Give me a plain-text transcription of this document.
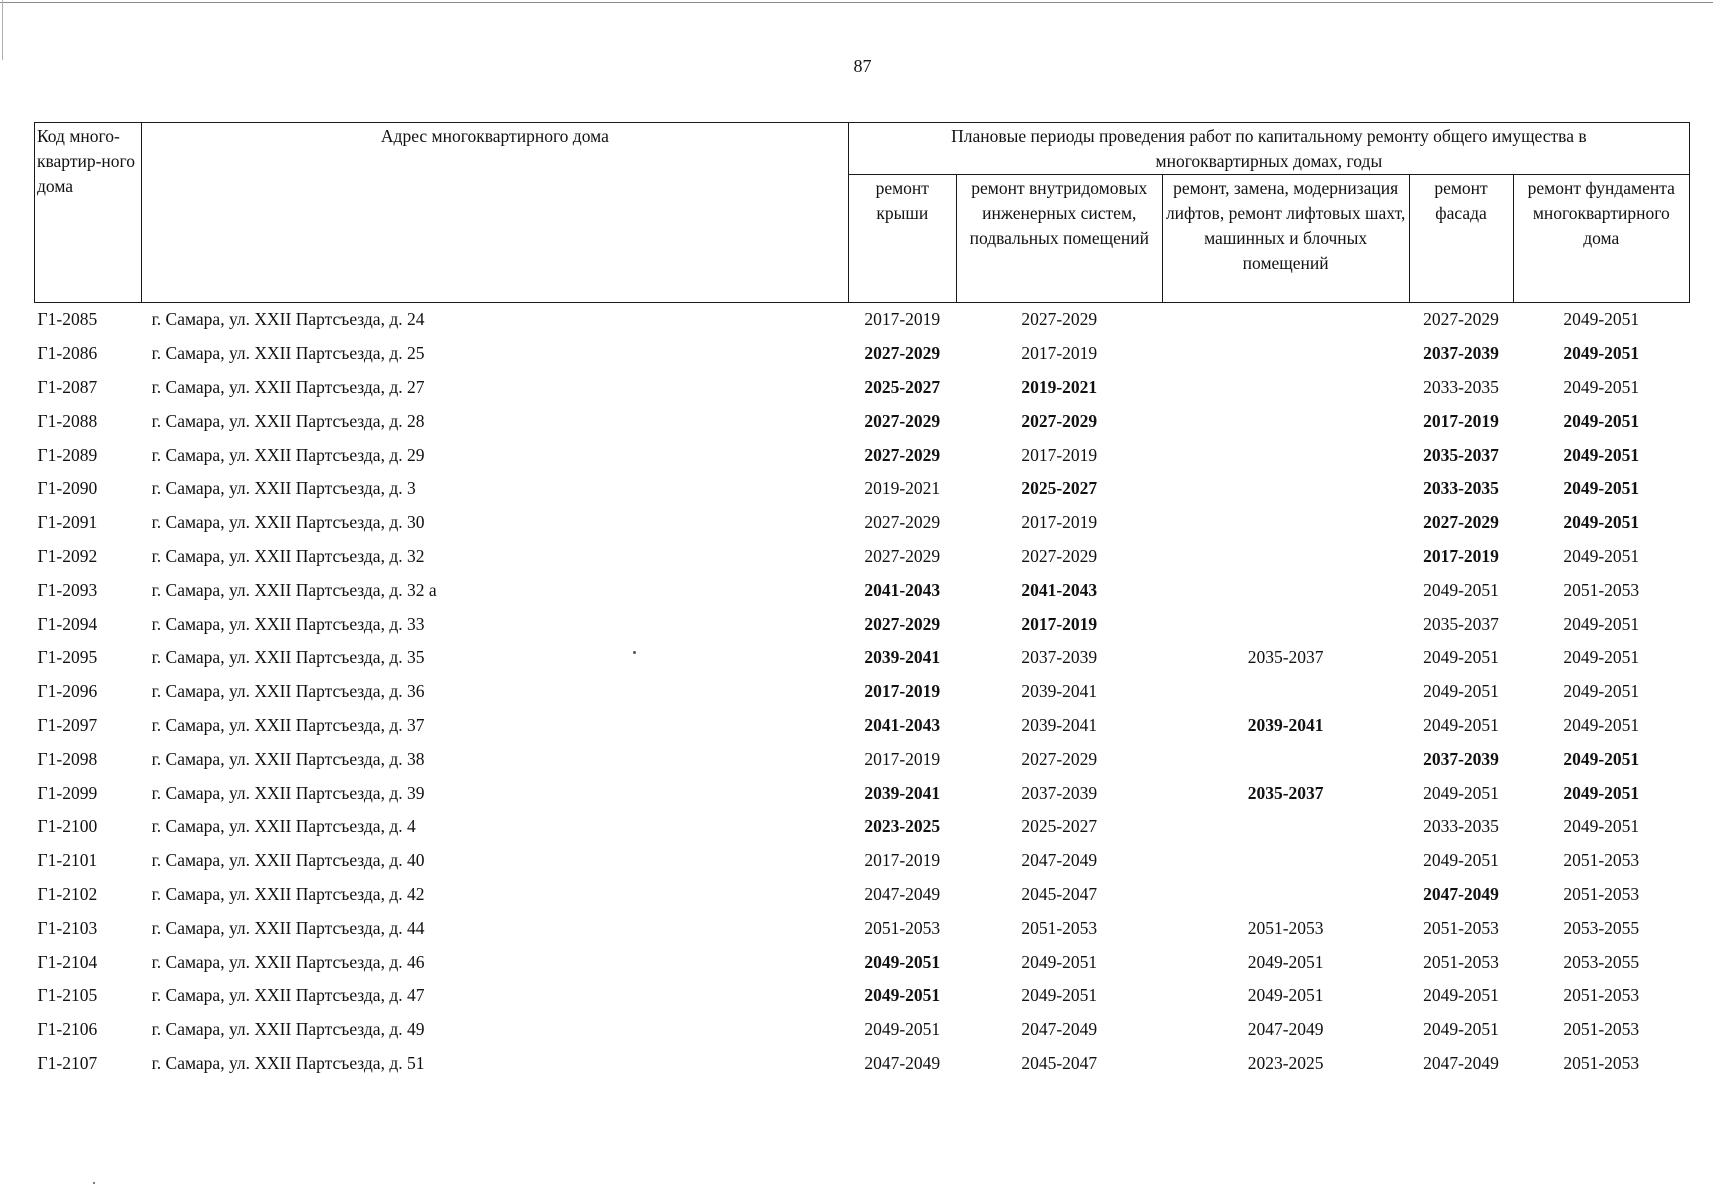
87
Код много-квартир-ного дома	Адрес многоквартирного дома	Плановые периоды проведения работ по капитальному ремонту общего имущества в многоквартирных домах, годы				
		ремонт крыши	ремонт внутридомовых инженерных систем, подвальных помещений	ремонт, замена, модернизация лифтов, ремонт лифтовых шахт, машинных и блочных помещений	ремонт фасада	ремонт фундамента многоквартирного дома
Г1-2085	г. Самара, ул. XXII Партсъезда, д. 24	2017-2019	2027-2029		2027-2029	2049-2051
Г1-2086	г. Самара, ул. XXII Партсъезда, д. 25	2027-2029	2017-2019		2037-2039	2049-2051
Г1-2087	г. Самара, ул. XXII Партсъезда, д. 27	2025-2027	2019-2021		2033-2035	2049-2051
Г1-2088	г. Самара, ул. XXII Партсъезда, д. 28	2027-2029	2027-2029		2017-2019	2049-2051
Г1-2089	г. Самара, ул. XXII Партсъезда, д. 29	2027-2029	2017-2019		2035-2037	2049-2051
Г1-2090	г. Самара, ул. XXII Партсъезда, д. 3	2019-2021	2025-2027		2033-2035	2049-2051
Г1-2091	г. Самара, ул. XXII Партсъезда, д. 30	2027-2029	2017-2019		2027-2029	2049-2051
Г1-2092	г. Самара, ул. XXII Партсъезда, д. 32	2027-2029	2027-2029		2017-2019	2049-2051
Г1-2093	г. Самара, ул. XXII Партсъезда, д. 32 а	2041-2043	2041-2043		2049-2051	2051-2053
Г1-2094	г. Самара, ул. XXII Партсъезда, д. 33	2027-2029	2017-2019		2035-2037	2049-2051
Г1-2095	г. Самара, ул. XXII Партсъезда, д. 35	2039-2041	2037-2039	2035-2037	2049-2051	2049-2051
Г1-2096	г. Самара, ул. XXII Партсъезда, д. 36	2017-2019	2039-2041		2049-2051	2049-2051
Г1-2097	г. Самара, ул. XXII Партсъезда, д. 37	2041-2043	2039-2041	2039-2041	2049-2051	2049-2051
Г1-2098	г. Самара, ул. XXII Партсъезда, д. 38	2017-2019	2027-2029		2037-2039	2049-2051
Г1-2099	г. Самара, ул. XXII Партсъезда, д. 39	2039-2041	2037-2039	2035-2037	2049-2051	2049-2051
Г1-2100	г. Самара, ул. XXII Партсъезда, д. 4	2023-2025	2025-2027		2033-2035	2049-2051
Г1-2101	г. Самара, ул. XXII Партсъезда, д. 40	2017-2019	2047-2049		2049-2051	2051-2053
Г1-2102	г. Самара, ул. XXII Партсъезда, д. 42	2047-2049	2045-2047		2047-2049	2051-2053
Г1-2103	г. Самара, ул. XXII Партсъезда, д. 44	2051-2053	2051-2053	2051-2053	2051-2053	2053-2055
Г1-2104	г. Самара, ул. XXII Партсъезда, д. 46	2049-2051	2049-2051	2049-2051	2051-2053	2053-2055
Г1-2105	г. Самара, ул. XXII Партсъезда, д. 47	2049-2051	2049-2051	2049-2051	2049-2051	2051-2053
Г1-2106	г. Самара, ул. XXII Партсъезда, д. 49	2049-2051	2047-2049	2047-2049	2049-2051	2051-2053
Г1-2107	г. Самара, ул. XXII Партсъезда, д. 51	2047-2049	2045-2047	2023-2025	2047-2049	2051-2053
